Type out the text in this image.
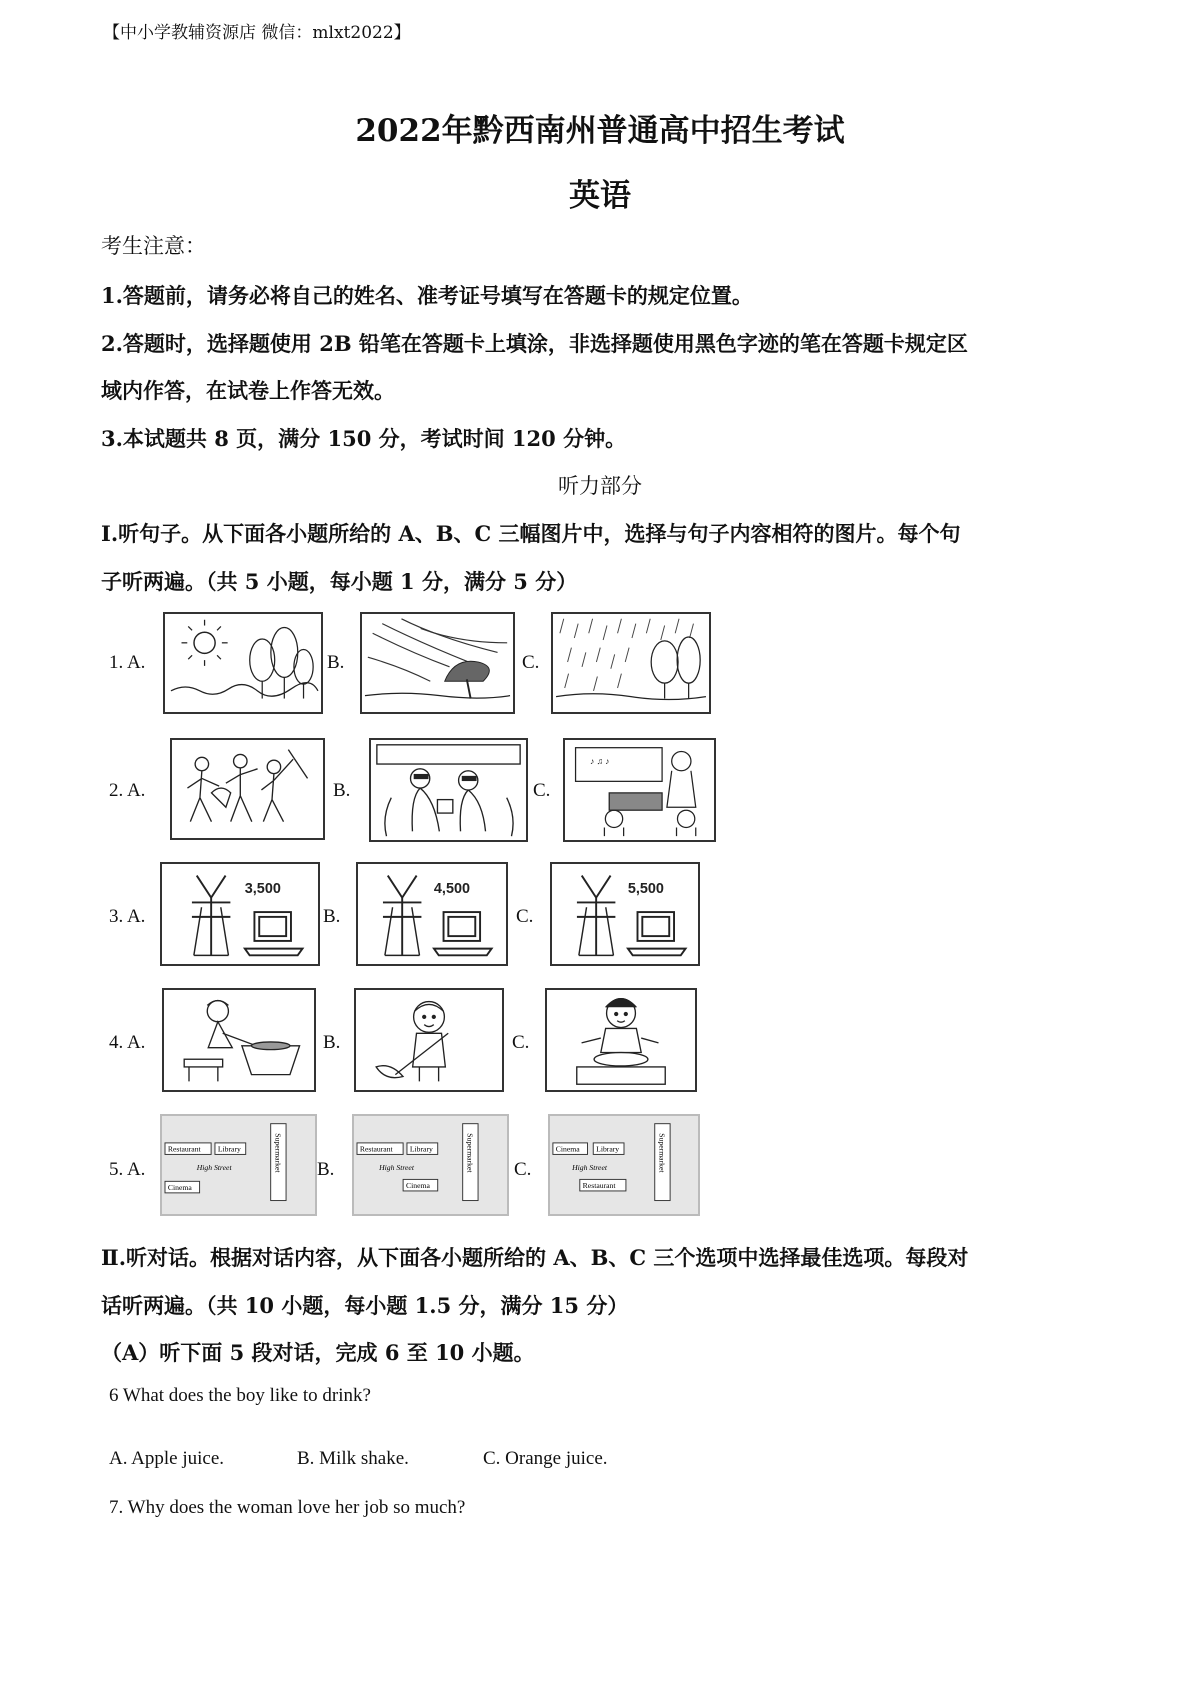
【中小学教辅资源店 微信：mlxt2022】
2022年黔西南州普通高中招生考试
英语
考生注意：
1.答题前，请务必将自己的姓名、准考证号填写在答题卡的规定位置。
2.答题时，选择题使用 2B 铅笔在答题卡上填涂，非选择题使用黑色字迹的笔在答题卡规定区
域内作答，在试卷上作答无效。
3.本试题共 8 页，满分 150 分，考试时间 120 分钟。
听力部分
Ⅰ.听句子。从下面各小题所给的 A、B、C 三幅图片中，选择与句子内容相符的图片。每个句
子听两遍。（共 5 小题，每小题 1 分，满分 5 分）
1. A.	B.	C.
2. A.	B.	C.
♪ ♫ ♪
3. A.	B.	C.
3,500	4,500	5,500
4. A.	B.	C.
5. A.	B.	C.
Restaurant Library
High Street
Cinema
Supermarket	Restaurant Library
High Street
Cinema
Supermarket	Cinema Library
High Street
Restaurant
Supermarket
Ⅱ.听对话。根据对话内容，从下面各小题所给的 A、B、C 三个选项中选择最佳选项。每段对
话听两遍。（共 10 小题，每小题 1.5 分，满分 15 分）
（A）听下面 5 段对话，完成 6 至 10 小题。
6 What does the boy like to drink?
A. Apple juice.	B. Milk shake.	C. Orange juice.
7. Why does the woman love her job so much?
